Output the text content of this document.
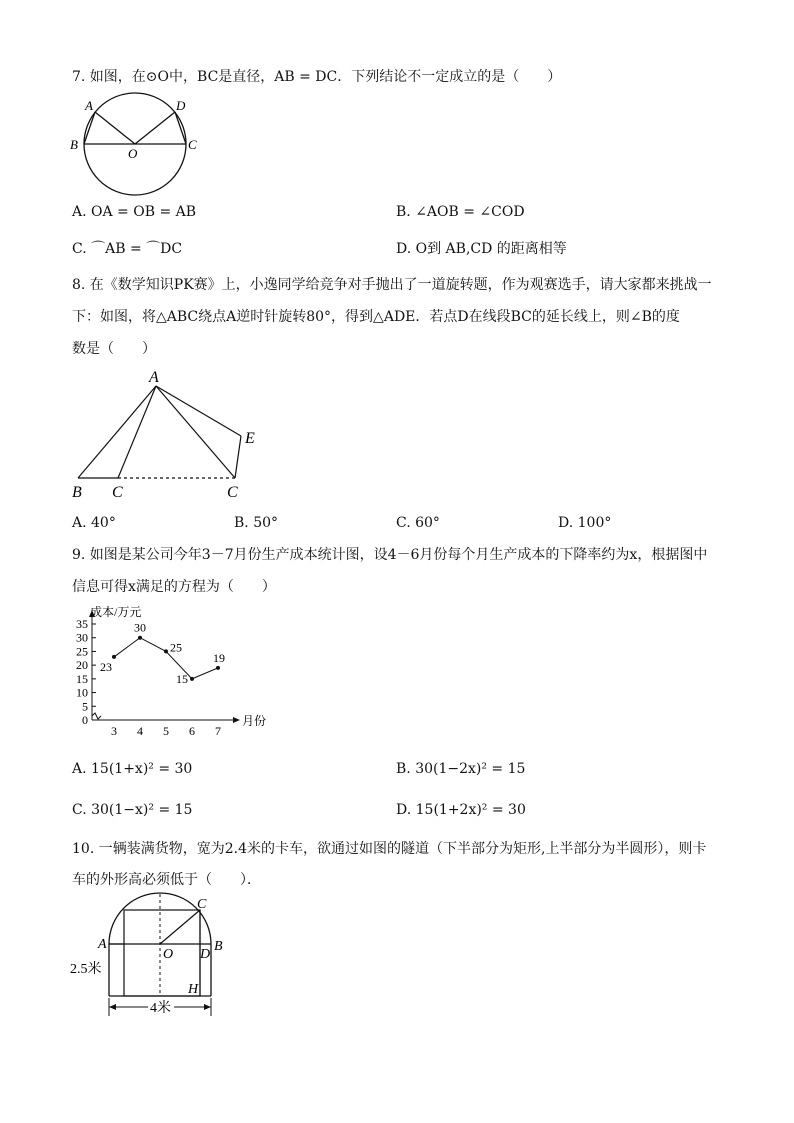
7. 如图，在⊙O中，BC是直径，AB = DC．下列结论不一定成立的是（　　）
A	D
B	C
O
A. OA = OB = AB	B. ∠AOB = ∠COD
C. ⌒AB = ⌒DC	D. O到 AB,CD 的距离相等
8. 在《数学知识PK赛》上，小逸同学给竞争对手抛出了一道旋转题，作为观赛选手，请大家都来挑战一
下：如图，将△ABC绕点A逆时针旋转80°，得到△ADE．若点D在线段BC的延长线上，则∠B的度
数是（　　）
A
B C	C
E
A. 40°	B. 50°	C. 60°	D. 100°
9. 如图是某公司今年3－7月份生产成本统计图，设4－6月份每个月生产成本的下降率约为x，根据图中
信息可得x满足的方程为（　　）
0
5
10
15
20
25
30
35
3 4 5 6 7
成本/万元
月份
23
30
25
15
19
A. 15(1+x)² = 30	B. 30(1−2x)² = 15
C. 30(1−x)² = 15	D. 15(1+2x)² = 30
10. 一辆装满货物，宽为2.4米的卡车，欲通过如图的隧道（下半部分为矩形,上半部分为半圆形），则卡
车的外形高必须低于（　　）．
A	B
C
O D
H
2.5米
4米
